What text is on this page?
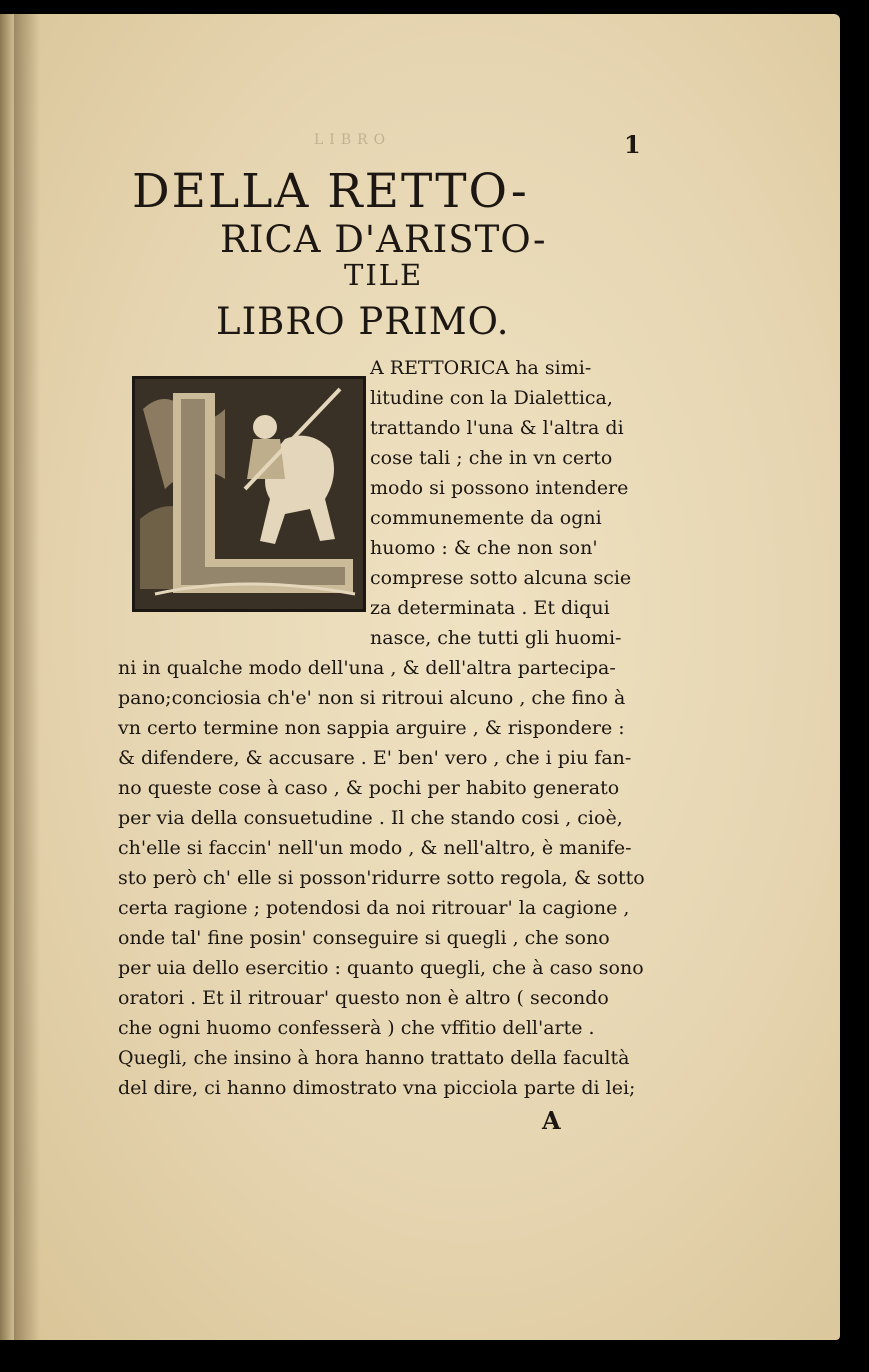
LIBRO	1
DELLA RETTO-
RICA D'ARISTO-
TILE
LIBRO PRIMO.
A RETTORICA ha simi-
litudine con la Dialettica,
trattando l'una & l'altra di
cose tali ; che in vn certo
modo si possono intendere
communemente da ogni
huomo : & che non son'
comprese sotto alcuna scie
za determinata . Et diqui
nasce, che tutti gli huomi-
ni in qualche modo dell'una , & dell'altra partecipa-
pano;conciosia ch'e' non si ritroui alcuno , che fino à
vn certo termine non sappia arguire , & rispondere :
& difendere, & accusare . E' ben' vero , che i piu fan-
no queste cose à caso , & pochi per habito generato
per via della consuetudine . Il che stando cosi , cioè,
ch'elle si faccin' nell'un modo , & nell'altro, è manife-
sto però ch' elle si posson'ridurre sotto regola, & sotto
certa ragione ; potendosi da noi ritrouar' la cagione ,
onde tal' fine posin' conseguire si quegli , che sono
per uia dello esercitio : quanto quegli, che à caso sono
oratori . Et il ritrouar' questo non è altro ( secondo
che ogni huomo confesserà ) che vffitio dell'arte .
Quegli, che insino à hora hanno trattato della facultà
del dire, ci hanno dimostrato vna picciola parte di lei;
A
